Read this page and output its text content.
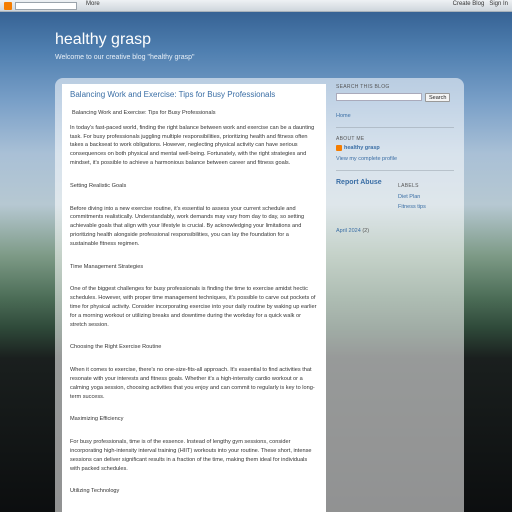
More	Create Blog Sign In
healthy grasp
Welcome to our creative blog "healthy grasp"
Balancing Work and Exercise: Tips for Busy Professionals
Balancing Work and Exercise: Tips for Busy Professionals

In today's fast-paced world, finding the right balance between work and exercise can be a daunting task. For busy professionals juggling multiple responsibilities, prioritizing health and fitness often takes a backseat to work obligations. However, neglecting physical activity can have serious consequences on both physical and mental well-being. Fortunately, with the right strategies and mindset, it's possible to achieve a harmonious balance between career and fitness goals.

Setting Realistic Goals

Before diving into a new exercise routine, it's essential to assess your current schedule and commitments realistically. Understandably, work demands may vary from day to day, so setting achievable goals that align with your lifestyle is crucial. By acknowledging your limitations and prioritizing health alongside professional responsibilities, you can lay the foundation for a sustainable fitness regimen.

Time Management Strategies

One of the biggest challenges for busy professionals is finding the time to exercise amidst hectic schedules. However, with proper time management techniques, it's possible to carve out pockets of time for physical activity. Consider incorporating exercise into your daily routine by waking up earlier for a morning workout or utilizing breaks and downtime during the workday for a quick walk or stretch session.

Choosing the Right Exercise Routine

When it comes to exercise, there's no one-size-fits-all approach. It's essential to find activities that resonate with your interests and fitness goals. Whether it's a high-intensity cardio workout or a calming yoga session, choosing activities that you enjoy and can commit to regularly is key to long-term success.

Maximizing Efficiency

For busy professionals, time is of the essence. Instead of lengthy gym sessions, consider incorporating high-intensity interval training (HIIT) workouts into your routine. These short, intense sessions can deliver significant results in a fraction of the time, making them ideal for individuals with packed schedules.

Utilizing Technology
SEARCH THIS BLOG
Search
Home
ABOUT ME
healthy grasp
View my complete profile
Report Abuse	LABELS
Diet Plan
Fitness tips
April 2024 (2)
